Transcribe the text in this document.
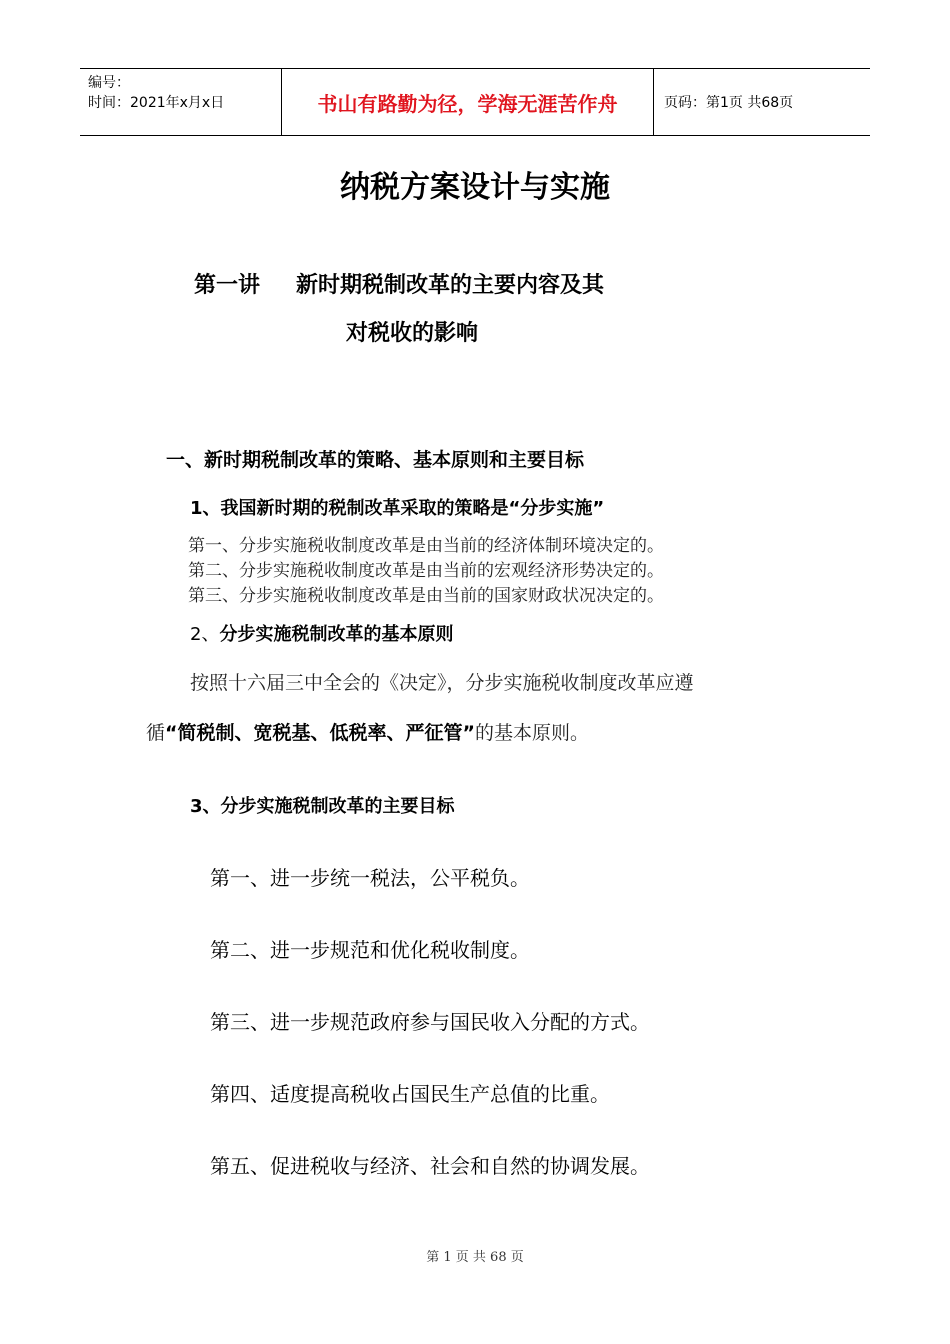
编号：
时间：2021年x月x日	书山有路勤为径，学海无涯苦作舟	页码：第1页 共68页
纳税方案设计与实施
第一讲 新时期税制改革的主要内容及其
对税收的影响
一、新时期税制改革的策略、基本原则和主要目标
1、我国新时期的税制改革采取的策略是“分步实施”
第一、分步实施税收制度改革是由当前的经济体制环境决定的。
第二、分步实施税收制度改革是由当前的宏观经济形势决定的。
第三、分步实施税收制度改革是由当前的国家财政状况决定的。
2、分步实施税制改革的基本原则
按照十六届三中全会的《决定》，分步实施税收制度改革应遵
循“简税制、宽税基、低税率、严征管”的基本原则。
3、分步实施税制改革的主要目标
第一、进一步统一税法，公平税负。
第二、进一步规范和优化税收制度。
第三、进一步规范政府参与国民收入分配的方式。
第四、适度提高税收占国民生产总值的比重。
第五、促进税收与经济、社会和自然的协调发展。
第 1 页 共 68 页
